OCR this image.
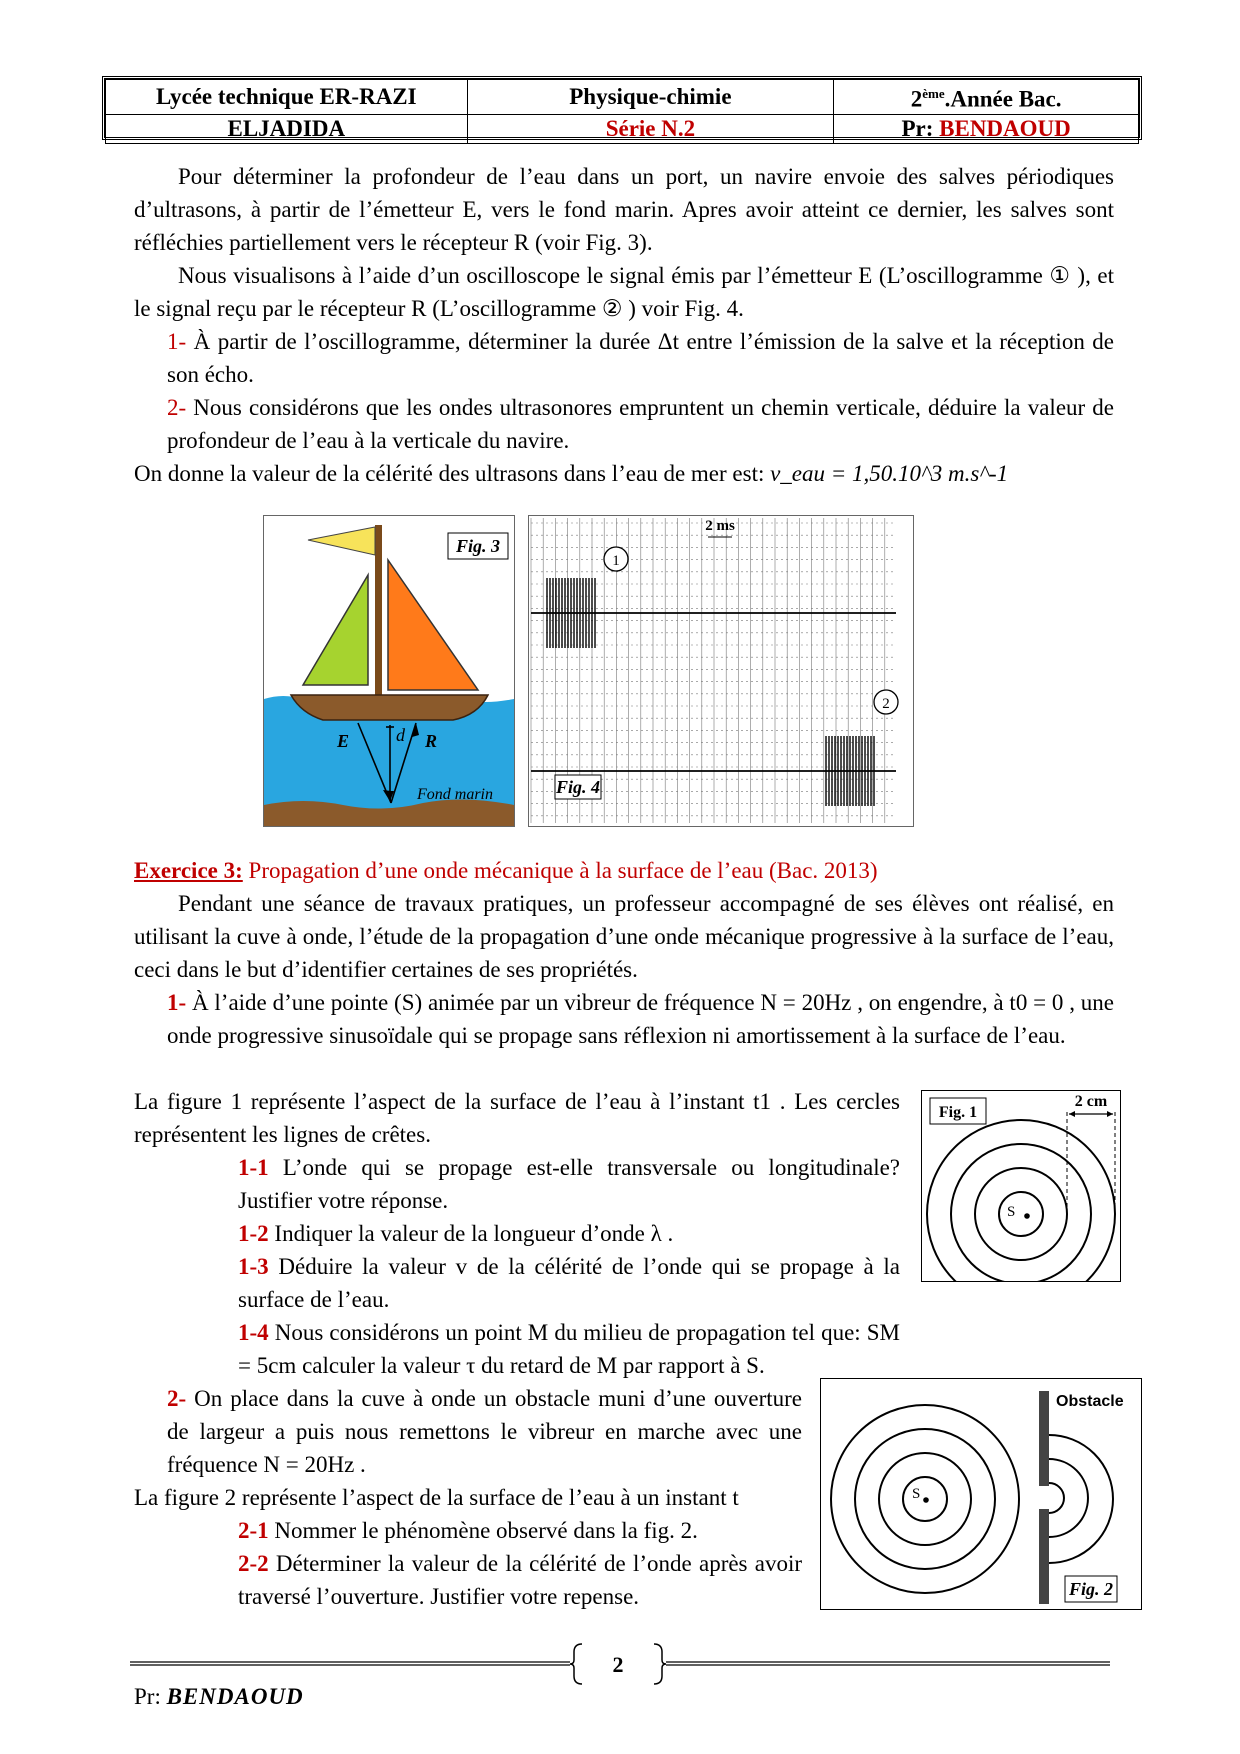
Lycée technique ER-RAZI	Physique-chimie	2ème.Année Bac.
ELJADIDA	Série N.2	Pr: BENDAOUD

Pour déterminer la profondeur de l’eau dans un port, un navire envoie des salves périodiques d’ultrasons, à partir de l’émetteur E, vers le fond marin. Apres avoir atteint ce dernier, les salves sont réfléchies partiellement vers le récepteur R (voir Fig. 3).

Nous visualisons à l’aide d’un oscilloscope le signal émis par l’émetteur E (L’oscillogramme ① ), et le signal reçu par le récepteur R (L’oscillogramme ② ) voir Fig. 4.

1- À partir de l’oscillogramme, déterminer la durée Δt entre l’émission de la salve et la réception de son écho.

2- Nous considérons que les ondes ultrasonores empruntent un chemin verticale, déduire la valeur de profondeur de l’eau à la verticale du navire.

On donne la valeur de la célérité des ultrasons dans l’eau de mer est: v_eau = 1,50.10^3 m.s^-1

E	d R
Fond marin
Fig. 3
1
2
2 ms
Fig. 4

Exercice 3: Propagation d’une onde mécanique à la surface de l’eau (Bac. 2013)

Pendant une séance de travaux pratiques, un professeur accompagné de ses élèves ont réalisé, en utilisant la cuve à onde, l’étude de la propagation d’une onde mécanique progressive à la surface de l’eau, ceci dans le but d’identifier certaines de ses propriétés.

1- À l’aide d’une pointe (S) animée par un vibreur de fréquence N = 20Hz , on engendre, à t0 = 0 , une onde progressive sinusoïdale qui se propage sans réflexion ni amortissement à la surface de l’eau.

La figure 1 représente l’aspect de la surface de l’eau à l’instant t1 . Les cercles représentent les lignes de crêtes.

1-1 L’onde qui se propage est-elle transversale ou longitudinale? Justifier votre réponse.

1-2 Indiquer la valeur de la longueur d’onde λ .

1-3 Déduire la valeur v de la célérité de l’onde qui se propage à la surface de l’eau.

1-4 Nous considérons un point M du milieu de propagation tel que: SM = 5cm calculer la valeur τ du retard de M par rapport à S.

S
2 cm
Fig. 1

2- On place dans la cuve à onde un obstacle muni d’une ouverture de largeur a puis nous remettons le vibreur en marche avec une fréquence N = 20Hz .

La figure 2 représente l’aspect de la surface de l’eau à un instant t

2-1 Nommer le phénomène observé dans la fig. 2.

2-2 Déterminer la valeur de la célérité de l’onde après avoir traversé l’ouverture. Justifier votre repense.

S
Obstacle
Fig. 2
2
Pr: BENDAOUD
